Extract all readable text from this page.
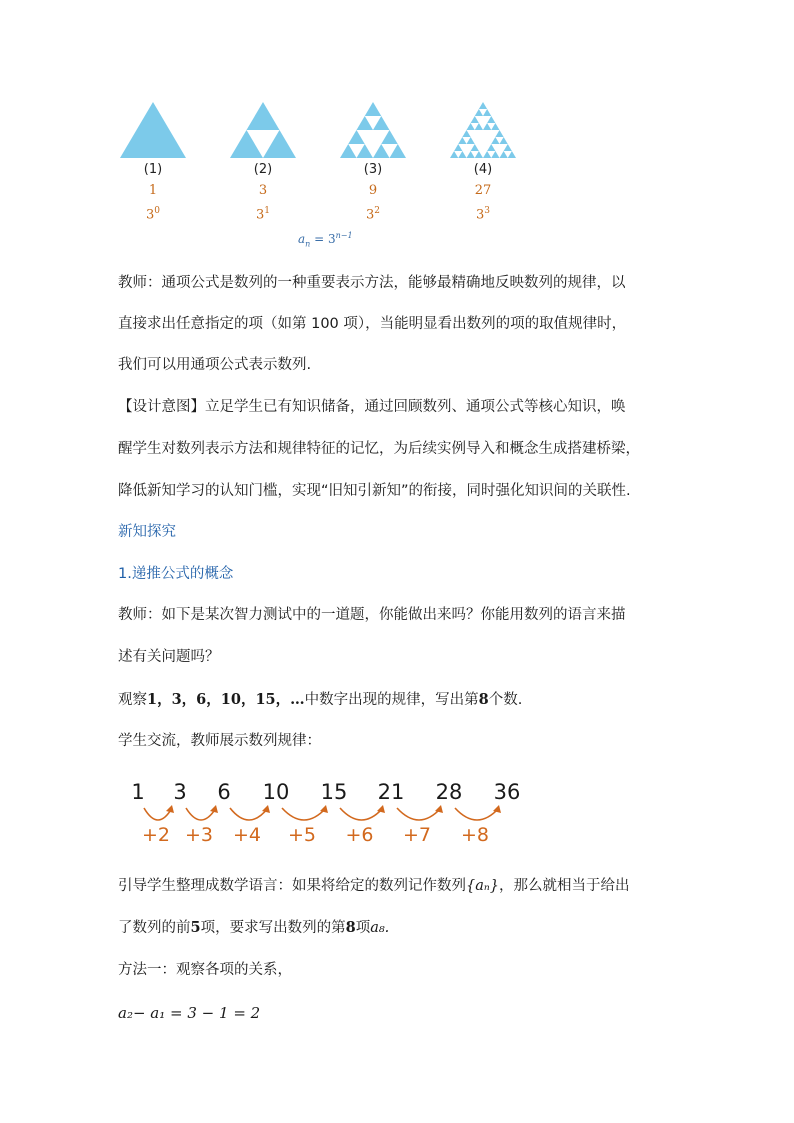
(1)
1
$3^0$
(2)
3
$3^1$
(3)
9
$3^2$
(4)
27
$3^3$
$a_n = 3^{n-1}$
教师：通项公式是数列的一种重要表示方法，能够最精确地反映数列的规律，以
直接求出任意指定的项（如第 100 项），当能明显看出数列的项的取值规律时，
我们可以用通项公式表示数列.
【设计意图】立足学生已有知识储备，通过回顾数列、通项公式等核心知识，唤
醒学生对数列表示方法和规律特征的记忆，为后续实例导入和概念生成搭建桥梁，
降低新知学习的认知门槛，实现“旧知引新知”的衔接，同时强化知识间的关联性.
新知探究
1.递推公式的概念
教师：如下是某次智力测试中的一道题，你能做出来吗？你能用数列的语言来描
述有关问题吗？
观察1，3，6，10，15，…中数字出现的规律，写出第8个数.
学生交流，教师展示数列规律：
1 3 6 10 15 21 28 36
+2 +3 +4 +5 +6 +7 +8
引导学生整理成数学语言：如果将给定的数列记作数列{aₙ}，那么就相当于给出
了数列的前5项，要求写出数列的第8项a₈.
方法一：观察各项的关系，
a₂− a₁ = 3 − 1 = 2
